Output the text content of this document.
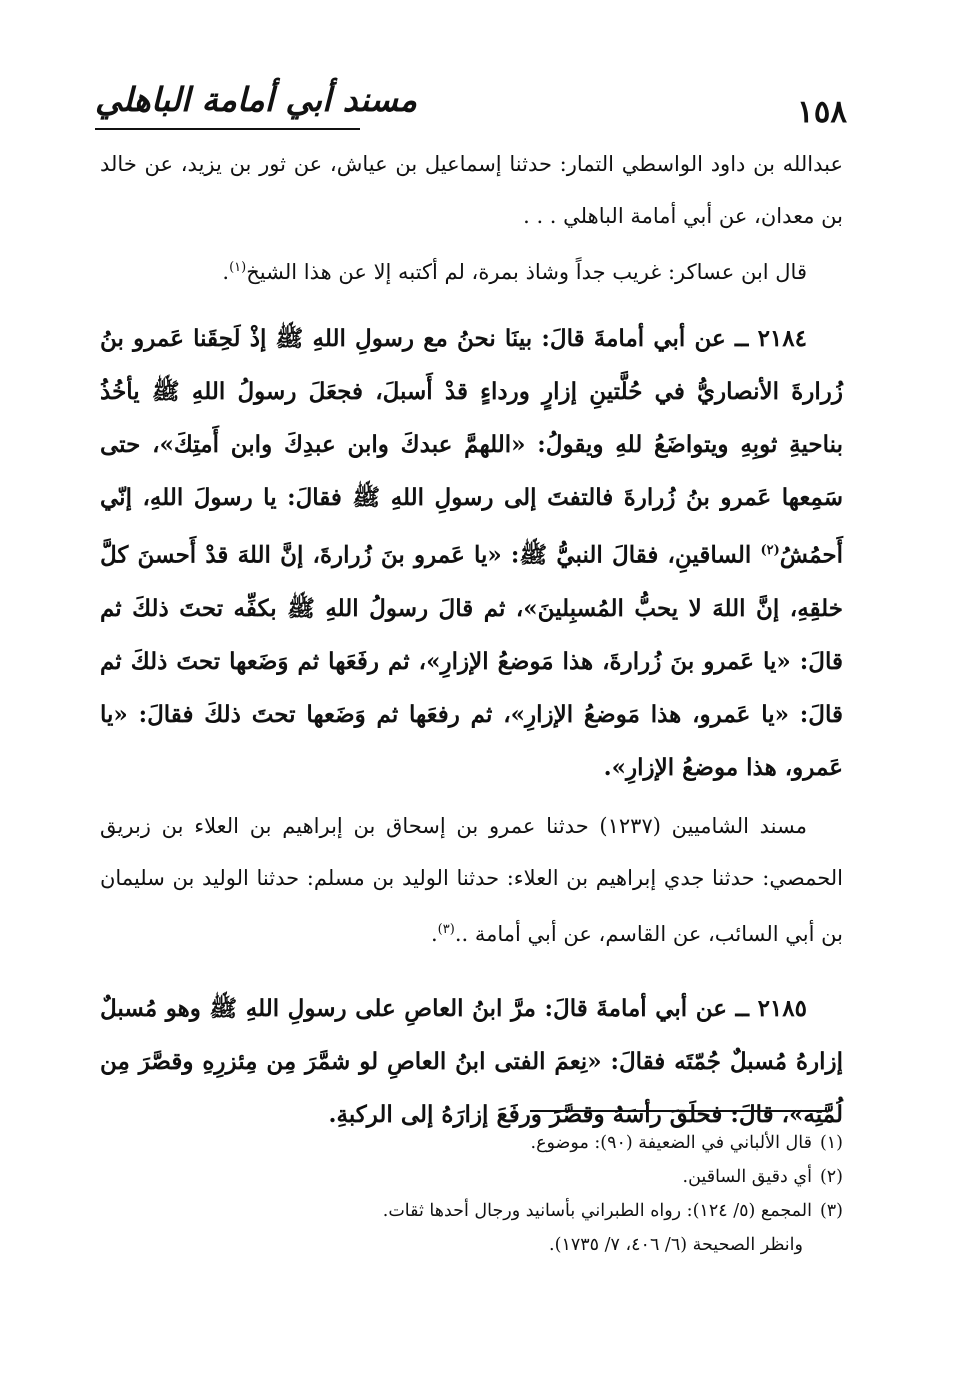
١٥٨
مسند أبي أمامة الباهلي

عبدالله بن داود الواسطي التمار: حدثنا إسماعيل بن عياش، عن ثور بن يزيد، عن خالد بن معدان، عن أبي أمامة الباهلي . . .

قال ابن عساكر: غريب جداً وشاذ بمرة، لم أكتبه إلا عن هذا الشيخ$^{(١)}$.

٢١٨٤ ــ عن أبي أمامةَ قالَ: بينَا نحنُ مع رسولِ اللهِ ﷺ إذْ لَحِقَنا عَمرو بنُ زُرارةَ الأنصاريُّ في حُلَّتينِ إزارٍ ورداءٍ قدْ أَسبلَ، فجعَلَ رسولُ اللهِ ﷺ يأخُذُ بناحيةِ ثوبِهِ ويتواضَعُ للهِ ويقولُ: «اللهمَّ عبدكَ وابن عبدِكَ وابن أَمتِكَ»، حتى سَمِعها عَمرو بنُ زُرارةَ فالتفتَ إلى رسولِ اللهِ ﷺ فقالَ: يا رسولَ اللهِ، إنّي أَحمُشُ$^{(٢)}$ الساقينِ، فقالَ النبيُّ ﷺ: «يا عَمرو بنَ زُرارةَ، إنَّ اللهَ قدْ أَحسنَ كلَّ خلقِهِ، إنَّ اللهَ لا يحبُّ المُسبِلينَ»، ثم قالَ رسولُ اللهِ ﷺ بكفِّه تحتَ ذلكَ ثم قالَ: «يا عَمرو بنَ زُرارةَ، هذا مَوضعُ الإزارِ»، ثم رفَعَها ثم وَضَعها تحتَ ذلكَ ثم قالَ: «يا عَمرو، هذا مَوضعُ الإزارِ»، ثم رفعَها ثم وَضَعها تحتَ ذلكَ فقالَ: «يا عَمرو، هذا موضعُ الإزارِ».

مسند الشاميين (١٢٣٧) حدثنا عمرو بن إسحاق بن إبراهيم بن العلاء بن زبريق الحمصي: حدثنا جدي إبراهيم بن العلاء: حدثنا الوليد بن مسلم: حدثنا الوليد بن سليمان بن أبي السائب، عن القاسم، عن أبي أمامة ..$^{(٣)}$.

٢١٨٥ ــ عن أبي أمامةَ قالَ: مرَّ ابنُ العاصِ على رسولِ اللهِ ﷺ وهو مُسبلٌ إزارهُ مُسبلٌ جُمّتَه فقالَ: «نِعمَ الفتى ابنُ العاصِ لو شمَّرَ مِن مِئزرِهِ وقصَّرَ مِن لُمَّتِه»، قالَ: فحلَقَ رأسَهُ وقصَّرَ ورفَعَ إزارَهُ إلى الركبةِ.

(١)قال الألباني في الضعيفة (٩٠): موضوع.

(٢)أي دقيق الساقين.

(٣)المجمع (٥/ ١٢٤): رواه الطبراني بأسانيد ورجال أحدها ثقات.

وانظر الصحيحة (٦/ ٤٠٦، ٧/ ١٧٣٥).
